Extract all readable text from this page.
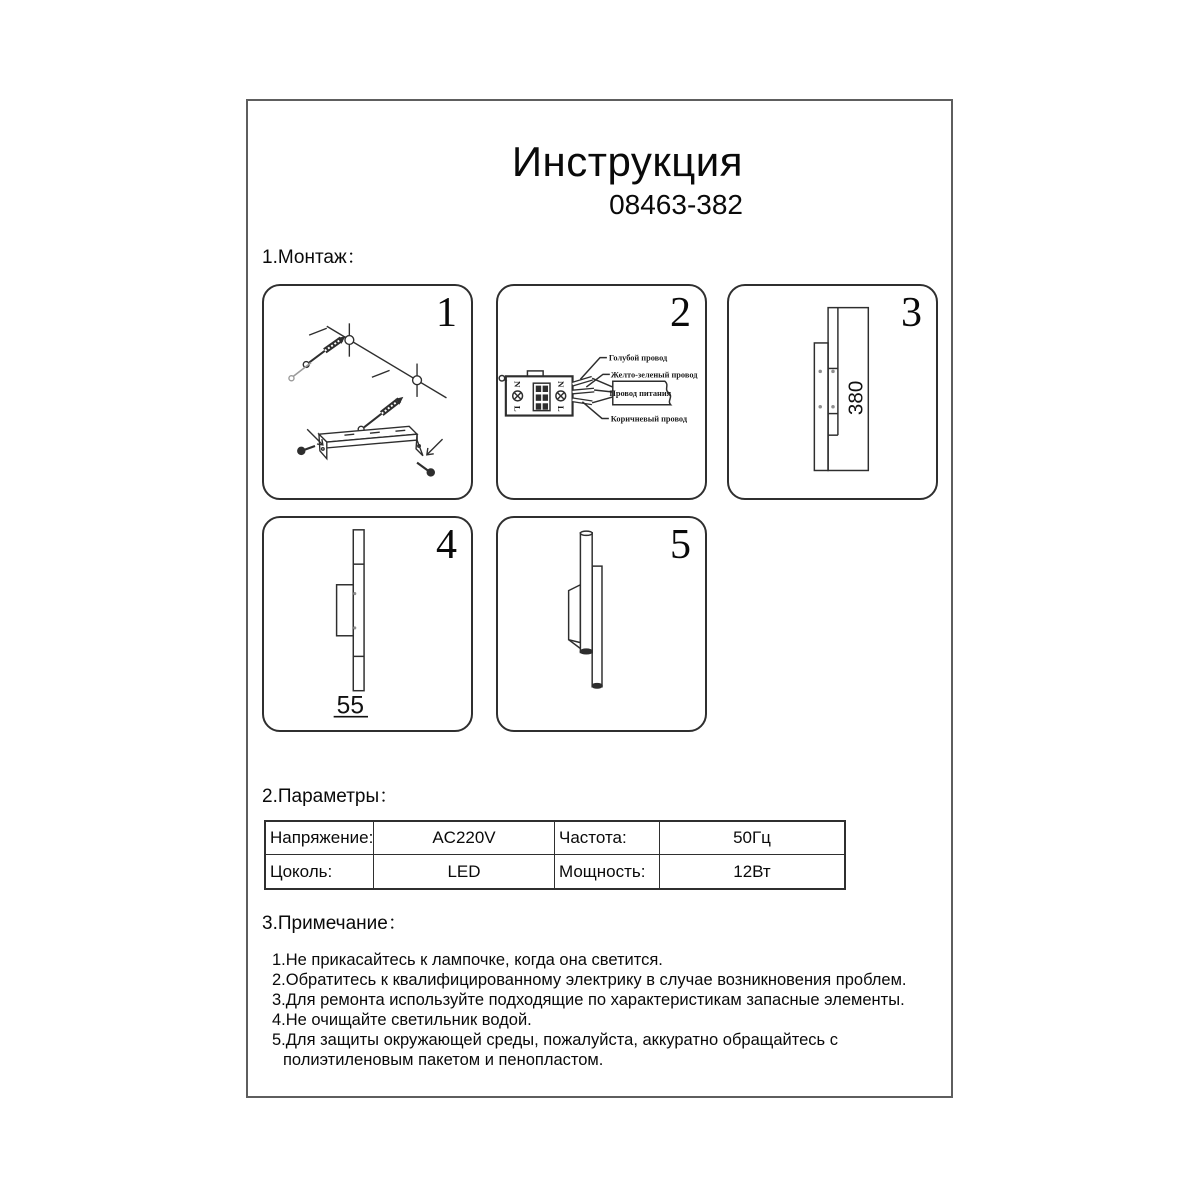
Инструкция
08463-382
1.Монтаж：
1
N
L
N
L
Голубой провод
Желто-зеленый провод
Провод питания
Коричневый провод
2
380
3
55
4	5
2.Параметры：
Напряжение:	AC220V	Частота:	50Гц
Цоколь:	LED	Мощность:	12Вт
3.Примечание：
1.Не прикасайтесь к лампочке, когда она светится.
2.Обратитесь к квалифицированному электрику в случае возникновения проблем.
3.Для ремонта используйте подходящие по характеристикам запасные элементы.
4.Не очищайте светильник водой.
5.Для защиты окружающей среды, пожалуйста, аккуратно обращайтесь с полиэтиленовым пакетом и пенопластом.
